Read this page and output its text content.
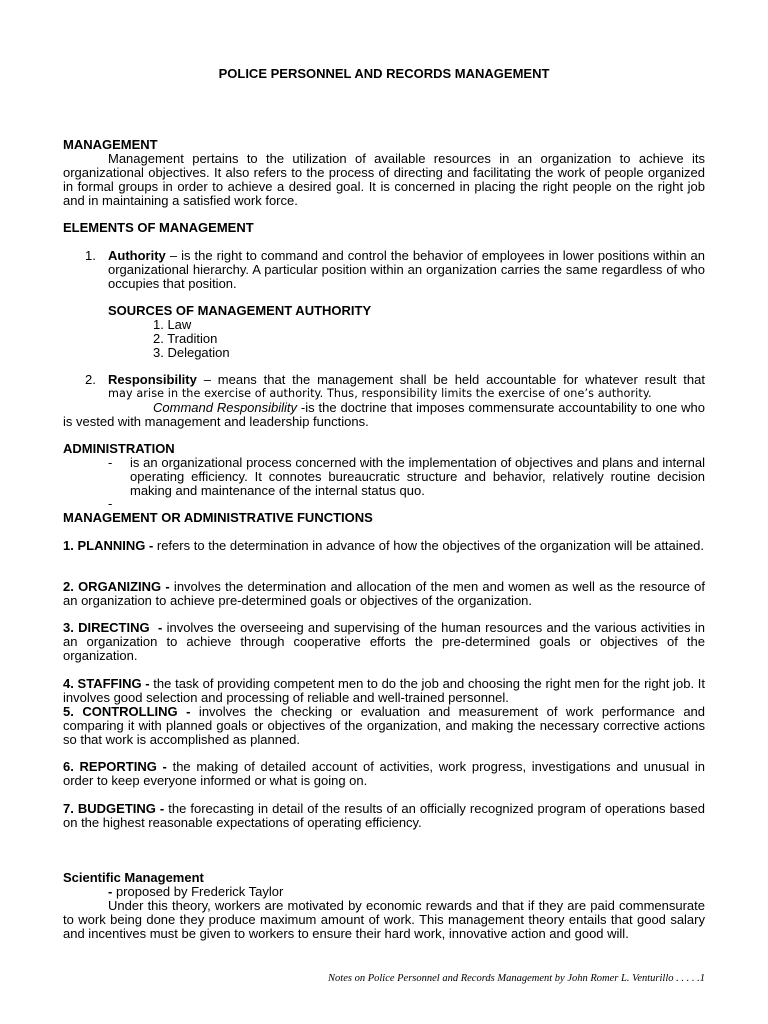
POLICE PERSONNEL AND RECORDS MANAGEMENT
MANAGEMENT
Management pertains to the utilization of available resources in an organization to achieve its organizational objectives. It also refers to the process of directing and facilitating the work of people organized in formal groups in order to achieve a desired goal. It is concerned in placing the right people on the right job and in maintaining a satisfied work force.
ELEMENTS OF MANAGEMENT
1. Authority – is the right to command and control the behavior of employees in lower positions within an organizational hierarchy. A particular position within an organization carries the same regardless of who occupies that position.
SOURCES OF MANAGEMENT AUTHORITY
1. Law
2. Tradition
3. Delegation
2. Responsibility – means that the management shall be held accountable for whatever result that
may arise in the exercise of authority. Thus, responsibility limits the exercise of one’s authority.
Command Responsibility -is the doctrine that imposes commensurate accountability to one who is vested with management and leadership functions.
ADMINISTRATION
- is an organizational process concerned with the implementation of objectives and plans and internal operating efficiency. It connotes bureaucratic structure and behavior, relatively routine decision making and maintenance of the internal status quo.
-
MANAGEMENT OR ADMINISTRATIVE FUNCTIONS
1. PLANNING - refers to the determination in advance of how the objectives of the organization will be attained.
2. ORGANIZING - involves the determination and allocation of the men and women as well as the resource of an organization to achieve pre-determined goals or objectives of the organization.
3. DIRECTING  - involves the overseeing and supervising of the human resources and the various activities in an organization to achieve through cooperative efforts the pre-determined goals or objectives of the organization.
4. STAFFING - the task of providing competent men to do the job and choosing the right men for the right job. It involves good selection and processing of reliable and well-trained personnel.
5. CONTROLLING - involves the checking or evaluation and measurement of work performance and comparing it with planned goals or objectives of the organization, and making the necessary corrective actions so that work is accomplished as planned.
6. REPORTING - the making of detailed account of activities, work progress, investigations and unusual in order to keep everyone informed or what is going on.
7. BUDGETING - the forecasting in detail of the results of an officially recognized program of operations based on the highest reasonable expectations of operating efficiency.
Scientific Management
- proposed by Frederick Taylor
Under this theory, workers are motivated by economic rewards and that if they are paid commensurate to work being done they produce maximum amount of work. This management theory entails that good salary and incentives must be given to workers to ensure their hard work, innovative action and good will.
Notes on Police Personnel and Records Management by John Romer L. Venturillo . . . . .1
